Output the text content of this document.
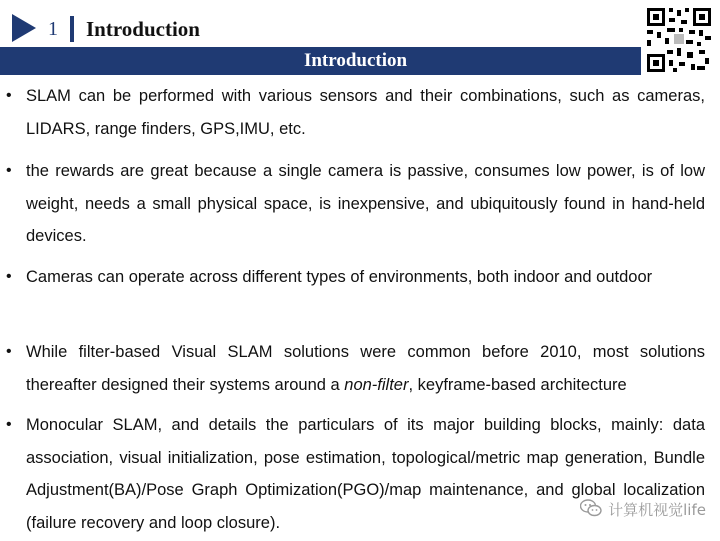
1 Introduction
Introduction
• SLAM can be performed with various sensors and their combinations, such as cameras, LIDARS, range finders, GPS,IMU, etc.
• the rewards are great because a single camera is passive, consumes low power, is of low weight, needs a small physical space, is inexpensive, and ubiquitously found in hand-held devices.
• Cameras can operate across different types of environments, both indoor and outdoor
• While filter-based Visual SLAM solutions were common before 2010, most solutions thereafter designed their systems around a non-filter, keyframe-based architecture
• Monocular SLAM, and details the particulars of its major building blocks, mainly: data association, visual initialization, pose estimation, topological/metric map generation, Bundle Adjustment(BA)/Pose Graph Optimization(PGO)/map maintenance, and global localization (failure recovery and loop closure).
计算机视觉life
